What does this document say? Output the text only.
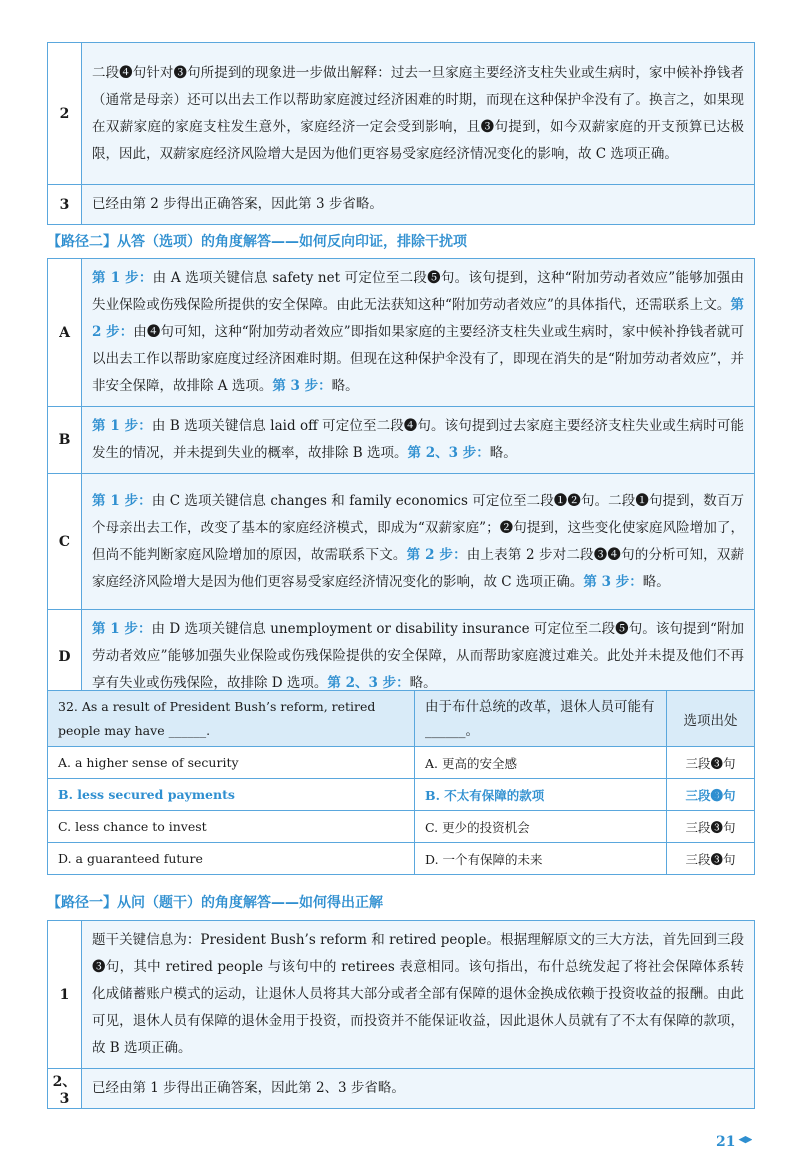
2	二段❹句针对❸句所提到的现象进一步做出解释：过去一旦家庭主要经济支柱失业或生病时，家中候补挣钱者（通常是母亲）还可以出去工作以帮助家庭渡过经济困难的时期，而现在这种保护伞没有了。换言之，如果现在双薪家庭的家庭支柱发生意外，家庭经济一定会受到影响，且❸句提到，如今双薪家庭的开支预算已达极限，因此，双薪家庭经济风险增大是因为他们更容易受家庭经济情况变化的影响，故 C 选项正确。
3	已经由第 2 步得出正确答案，因此第 3 步省略。
【路径二】从答（选项）的角度解答——如何反向印证，排除干扰项
A	第 1 步：由 A 选项关键信息 safety net 可定位至二段❺句。该句提到，这种“附加劳动者效应”能够加强由失业保险或伤残保险所提供的安全保障。由此无法获知这种“附加劳动者效应”的具体指代，还需联系上文。第 2 步：由❹句可知，这种“附加劳动者效应”即指如果家庭的主要经济支柱失业或生病时，家中候补挣钱者就可以出去工作以帮助家庭度过经济困难时期。但现在这种保护伞没有了，即现在消失的是“附加劳动者效应”，并非安全保障，故排除 A 选项。第 3 步：略。
B	第 1 步：由 B 选项关键信息 laid off 可定位至二段❹句。该句提到过去家庭主要经济支柱失业或生病时可能发生的情况，并未提到失业的概率，故排除 B 选项。第 2、3 步：略。
C	第 1 步：由 C 选项关键信息 changes 和 family economics 可定位至二段❶❷句。二段❶句提到，数百万个母亲出去工作，改变了基本的家庭经济模式，即成为“双薪家庭”；❷句提到，这些变化使家庭风险增加了，但尚不能判断家庭风险增加的原因，故需联系下文。第 2 步：由上表第 2 步对二段❸❹句的分析可知，双薪家庭经济风险增大是因为他们更容易受家庭经济情况变化的影响，故 C 选项正确。第 3 步：略。
D	第 1 步：由 D 选项关键信息 unemployment or disability insurance 可定位至二段❺句。该句提到“附加劳动者效应”能够加强失业保险或伤残保险提供的安全保障，从而帮助家庭渡过难关。此处并未提及他们不再享有失业或伤残保险，故排除 D 选项。第 2、3 步：略。
32. As a result of President Bush’s reform, retired people may have ______.	由于布什总统的改革，退休人员可能有______。	选项出处
A. a higher sense of security	A. 更高的安全感	三段❸句
B. less secured payments	B. 不太有保障的款项	三段❸句
C. less chance to invest	C. 更少的投资机会	三段❸句
D. a guaranteed future	D. 一个有保障的未来	三段❸句
【路径一】从问（题干）的角度解答——如何得出正解
1	题干关键信息为：President Bush’s reform 和 retired people。根据理解原文的三大方法，首先回到三段❸句，其中 retired people 与该句中的 retirees 表意相同。该句指出，布什总统发起了将社会保障体系转化成储蓄账户模式的运动，让退休人员将其大部分或者全部有保障的退休金换成依赖于投资收益的报酬。由此可见，退休人员有保障的退休金用于投资，而投资并不能保证收益，因此退休人员就有了不太有保障的款项，故 B 选项正确。
2、3	已经由第 1 步得出正确答案，因此第 2、3 步省略。
21
